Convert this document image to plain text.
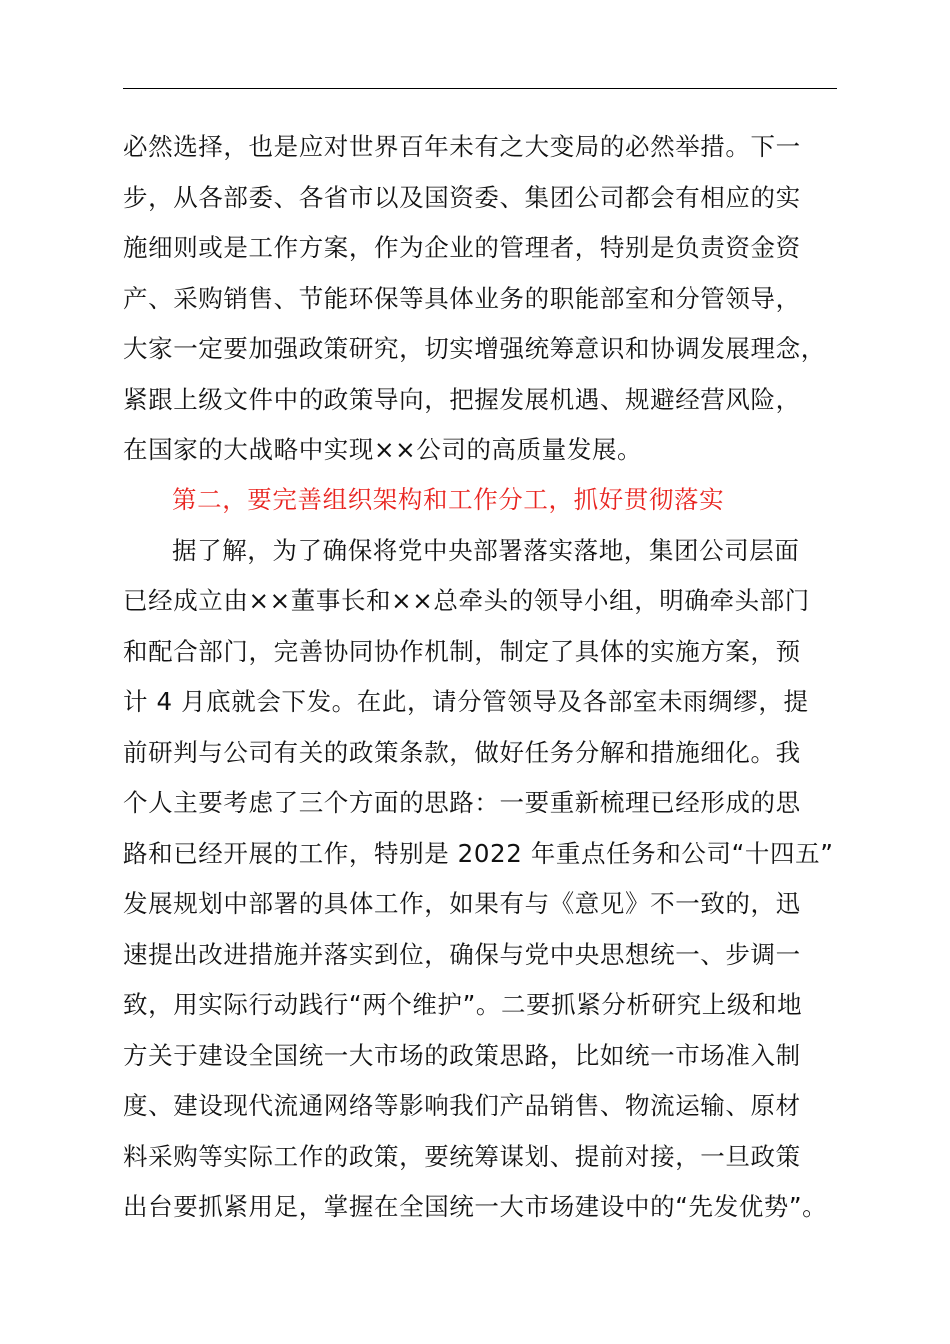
必然选择，也是应对世界百年未有之大变局的必然举措。下一
步，从各部委、各省市以及国资委、集团公司都会有相应的实
施细则或是工作方案，作为企业的管理者，特别是负责资金资
产、采购销售、节能环保等具体业务的职能部室和分管领导，
大家一定要加强政策研究，切实增强统筹意识和协调发展理念，
紧跟上级文件中的政策导向，把握发展机遇、规避经营风险，
在国家的大战略中实现××公司的高质量发展。
第二，要完善组织架构和工作分工，抓好贯彻落实
据了解，为了确保将党中央部署落实落地，集团公司层面
已经成立由××董事长和××总牵头的领导小组，明确牵头部门
和配合部门，完善协同协作机制，制定了具体的实施方案，预
计 4 月底就会下发。在此，请分管领导及各部室未雨绸缪，提
前研判与公司有关的政策条款，做好任务分解和措施细化。我
个人主要考虑了三个方面的思路：一要重新梳理已经形成的思
路和已经开展的工作，特别是 2022 年重点任务和公司“十四五”
发展规划中部署的具体工作，如果有与《意见》不一致的，迅
速提出改进措施并落实到位，确保与党中央思想统一、步调一
致，用实际行动践行“两个维护”。二要抓紧分析研究上级和地
方关于建设全国统一大市场的政策思路，比如统一市场准入制
度、建设现代流通网络等影响我们产品销售、物流运输、原材
料采购等实际工作的政策，要统筹谋划、提前对接，一旦政策
出台要抓紧用足，掌握在全国统一大市场建设中的“先发优势”。
